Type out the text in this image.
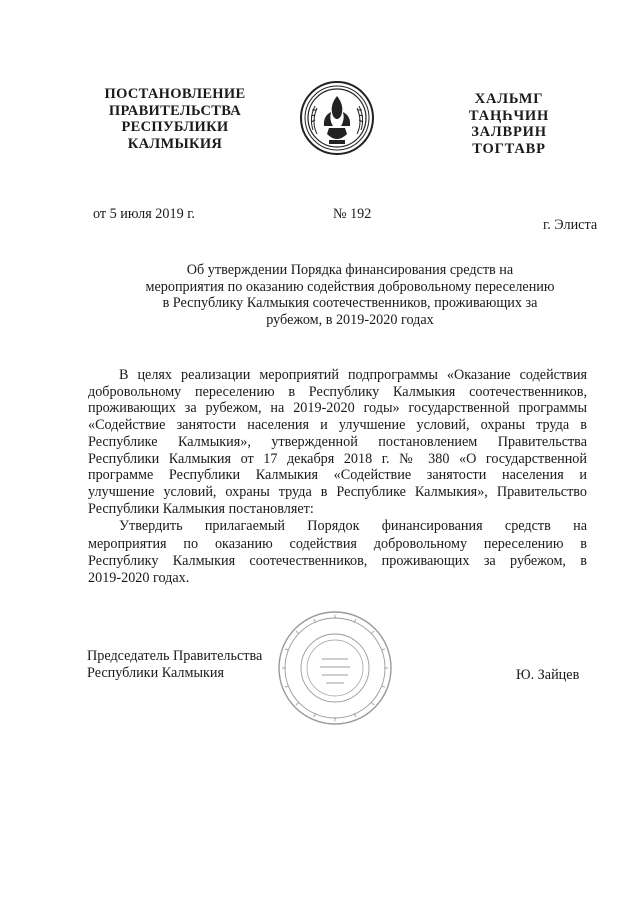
ПОСТАНОВЛЕНИЕ
ПРАВИТЕЛЬСТВА
РЕСПУБЛИКИ
КАЛМЫКИЯ
ХАЛЬМГ
ТАҢҺЧИН
ЗАЛВРИН
ТОГТАВР
от 5 июля 2019 г.	№ 192
г. Элиста
Об утверждении Порядка финансирования средств на
мероприятия по оказанию содействия добровольному переселению
в Республику Калмыкия соотечественников, проживающих за
рубежом, в 2019-2020 годах
В целях реализации мероприятий подпрограммы «Оказание содействия
добровольному переселению в Республику Калмыкия соотечественников,
проживающих за рубежом, на 2019-2020 годы» государственной программы
«Содействие занятости населения и улучшение условий, охраны труда в
Республике Калмыкия», утвержденной постановлением Правительства
Республики Калмыкия от 17 декабря 2018 г. № 380 «О государственной
программе Республики Калмыкия «Содействие занятости населения и
улучшение условий, охраны труда в Республике Калмыкия», Правительство
Республики Калмыкия постановляет:
Утвердить прилагаемый Порядок финансирования средств на
мероприятия по оказанию содействия добровольному переселению в
Республику Калмыкия соотечественников, проживающих за рубежом, в
2019-2020 годах.
Председатель Правительства
Республики Калмыкия	Ю. Зайцев
